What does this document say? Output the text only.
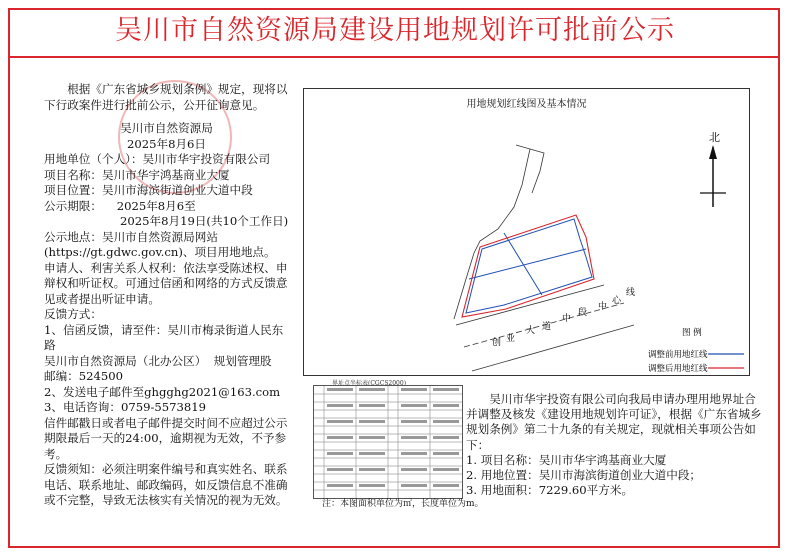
吴川市自然资源局建设用地规划许可批前公示

根据《广东省城乡规划条例》规定，现将以下行政案件进行批前公示，公开征询意见。

吴川市自然资源局

2025年8月6日

用地单位（个人）：吴川市华宇投资有限公司

项目名称：吴川市华宇鸿基商业大厦

项目位置：吴川市海滨街道创业大道中段

公示期限：    2025年8月6至

2025年8月19日(共10个工作日)

公示地点：吴川市自然资源局网站(https://gt.gdwc.gov.cn)、项目用地地点。

申请人、利害关系人权利：依法享受陈述权、申辩权和听证权。可通过信函和网络的方式反馈意见或者提出听证申请。

反馈方式：

1、信函反馈，请至件：吴川市梅录街道人民东路

吴川市自然资源局（北办公区）  规划管理股

邮编：524500

2、发送电子邮件至ghgghg2021@163.com

3、电话咨询：0759-5573819

信件邮戳日或者电子邮件提交时间不应超过公示期限最后一天的24:00，逾期视为无效，不予参考。

反馈须知：必须注明案件编号和真实姓名、联系电话、联系地址、邮政编码，如反馈信息不准确或不完整，导致无法核实有关情况的视为无效。

用地规划红线图及基本情况
北
创 业
大 道
中
段
中
心
线
图 例
调整前用地红线
调整后用地红线
界址点坐标表(CGCS2000)

吴川市华宇投资有限公司向我局申请办理用地界址合并调整及核发《建设用地规划许可证》，根据《广东省城乡规划条例》第二十九条的有关规定，现就相关事项公告如下：

1. 项目名称：吴川市华宇鸿基商业大厦

2. 用地位置：吴川市海滨街道创业大道中段；

3. 用地面积：7229.60平方米。

注：本图面积单位为㎡，长度单位为m。
